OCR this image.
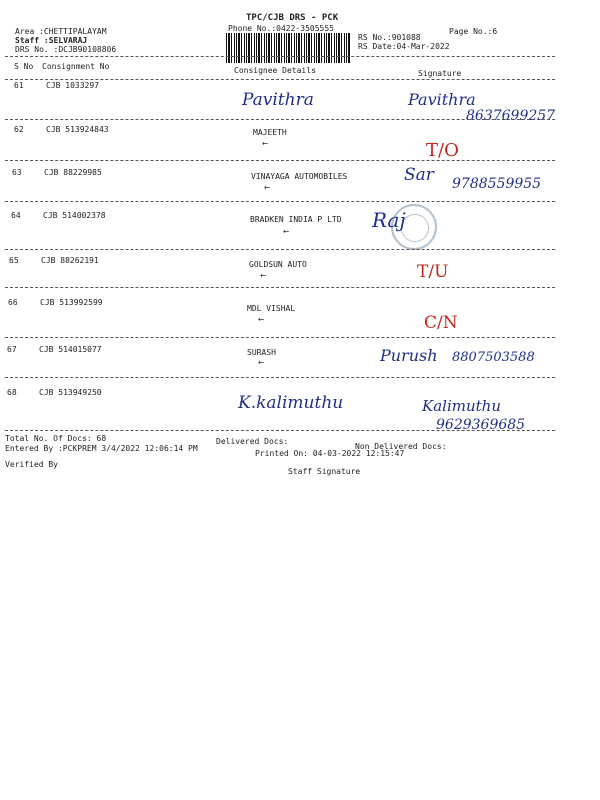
Area :CHETTIPALAYAM
Staff :SELVARAJ
DRS No. :DCJB90108806
TPC/CJB DRS - PCK
Phone No.:0422-3505555	Page No.:6
RS No.:901088
RS Date:04-Mar-2022
S No Consignment No	Consignee Details	Signature
61	CJB 1033297
Pavithra	Pavithra
8637699257
62	CJB 513924843	MAJEETH
←	T/O
63	CJB 88229985	VINAYAGA AUTOMOBILES
←
Sar 9788559955
64	CJB 514002378	BRADKEN INDIA P LTD
←	Raj
65	CJB 88262191	GOLDSUN AUTO
←	T/U
66	CJB 513992599
MDL VISHAL
←	C/N
67	CJB 514015077	SURASH
←	Purush 8807503588
68	CJB 513949250
K.kalimuthu	Kalimuthu
9629369685
Total No. Of Docs: 68	Delivered Docs:
Non Delivered Docs:
Entered By :PCKPREM 3/4/2022 12:06:14 PM
Printed On: 04-03-2022 12:15:47
Verified By
Staff Signature
